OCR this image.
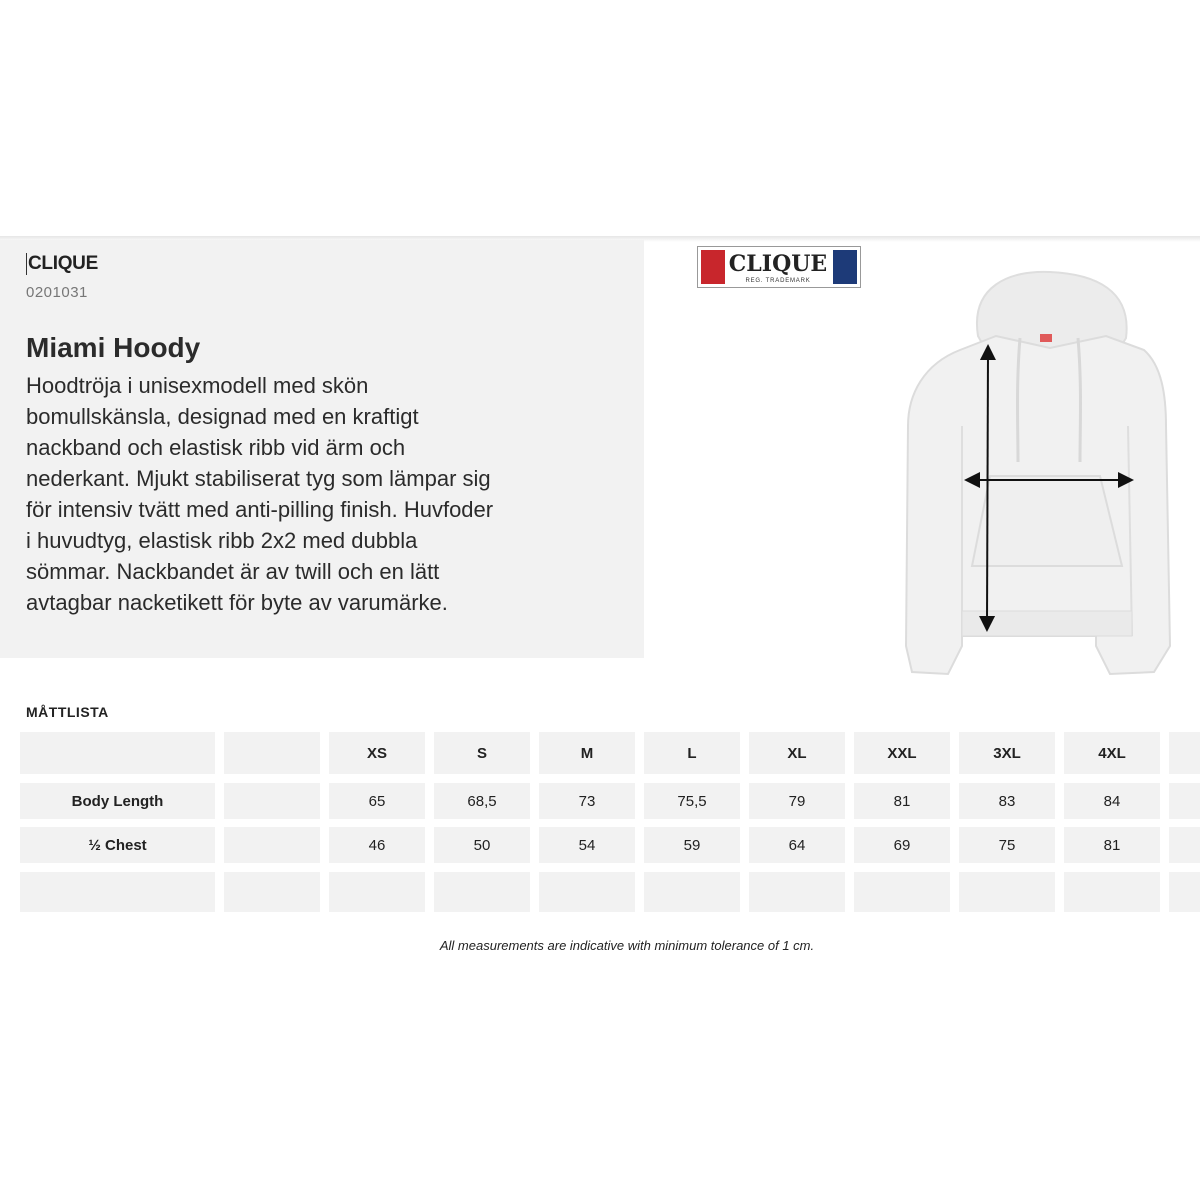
CLIQUE
0201031
Miami Hoody
Hoodtröja i unisexmodell med skön
bomullskänsla, designad med en kraftigt
nackband och elastisk ribb vid ärm och
nederkant. Mjukt stabiliserat tyg som lämpar sig
för intensiv tvätt med anti-pilling finish. Huvfoder
i huvudtyg, elastisk ribb 2x2 med dubbla
sömmar. Nackbandet är av twill och en lätt
avtagbar nacketikett för byte av varumärke.
CLIQUE
REG. TRADEMARK
MÅTTLISTA
XS	S	M	L	XL	XXL	3XL	4XL
Body Length	65	68,5	73	75,5	79	81	83	84
½ Chest	46	50	54	59	64	69	75	81
All measurements are indicative with minimum tolerance of 1 cm.
